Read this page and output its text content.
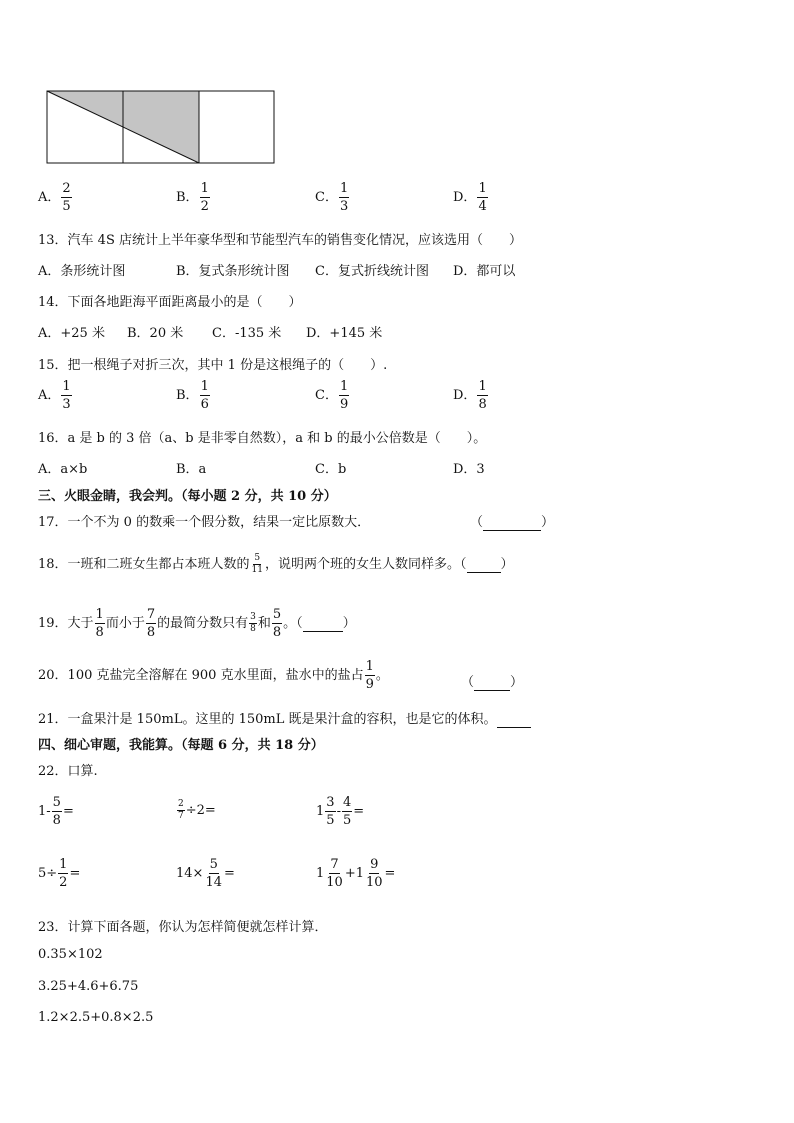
A． $\frac{2}{5}$	B． $\frac{1}{2}$	C． $\frac{1}{3}$	D． $\frac{1}{4}$
13．汽车 4S 店统计上半年豪华型和节能型汽车的销售变化情况，应该选用（　　）
A．条形统计图	B．复式条形统计图 C．复式折线统计图 D．都可以
14．下面各地距海平面距离最小的是（　　）
A．+25 米 B．20 米 C．-135 米 D．+145 米
15．把一根绳子对折三次，其中 1 份是这根绳子的（　　）.
A． $\frac{1}{3}$	B． $\frac{1}{6}$	C． $\frac{1}{9}$	D． $\frac{1}{8}$
16．a 是 b 的 3 倍（a、b 是非零自然数），a 和 b 的最小公倍数是（　　）。
A．a×b	B．a	C．b	D．3
三、火眼金睛，我会判。（每小题 2 分，共 10 分）
17．一个不为 0 的数乘一个假分数，结果一定比原数大．	（	）
18．一班和二班女生都占本班人数的 $\frac{5}{11}$ ，说明两个班的女生人数同样多。（	）
19．大于 $\frac{1}{8}$ 而小于 $\frac{7}{8}$ 的最简分数只有 $\frac{3}{8}$ 和 $\frac{5}{8}$ 。（	）
20．100 克盐完全溶解在 900 克水里面，盐水中的盐占 $\frac{1}{9}$ 。	（	）
21．一盒果汁是 150mL。这里的 150mL 既是果汁盒的容积，也是它的体积。
四、细心审题，我能算。（每题 6 分，共 18 分）
22．口算.
$1- \frac{5}{8}$ =	$\frac{2}{7} \div 2=$	$1 \frac{3}{5} - \frac{4}{5}$ =
$5\div \frac{1}{2}$ =	$14\times \frac{5}{14}$ =	$1 \frac{7}{10} +1 \frac{9}{10}$ =
23．计算下面各题，你认为怎样简便就怎样计算．
0.35×102
3.25+4.6+6.75
1.2×2.5+0.8×2.5
